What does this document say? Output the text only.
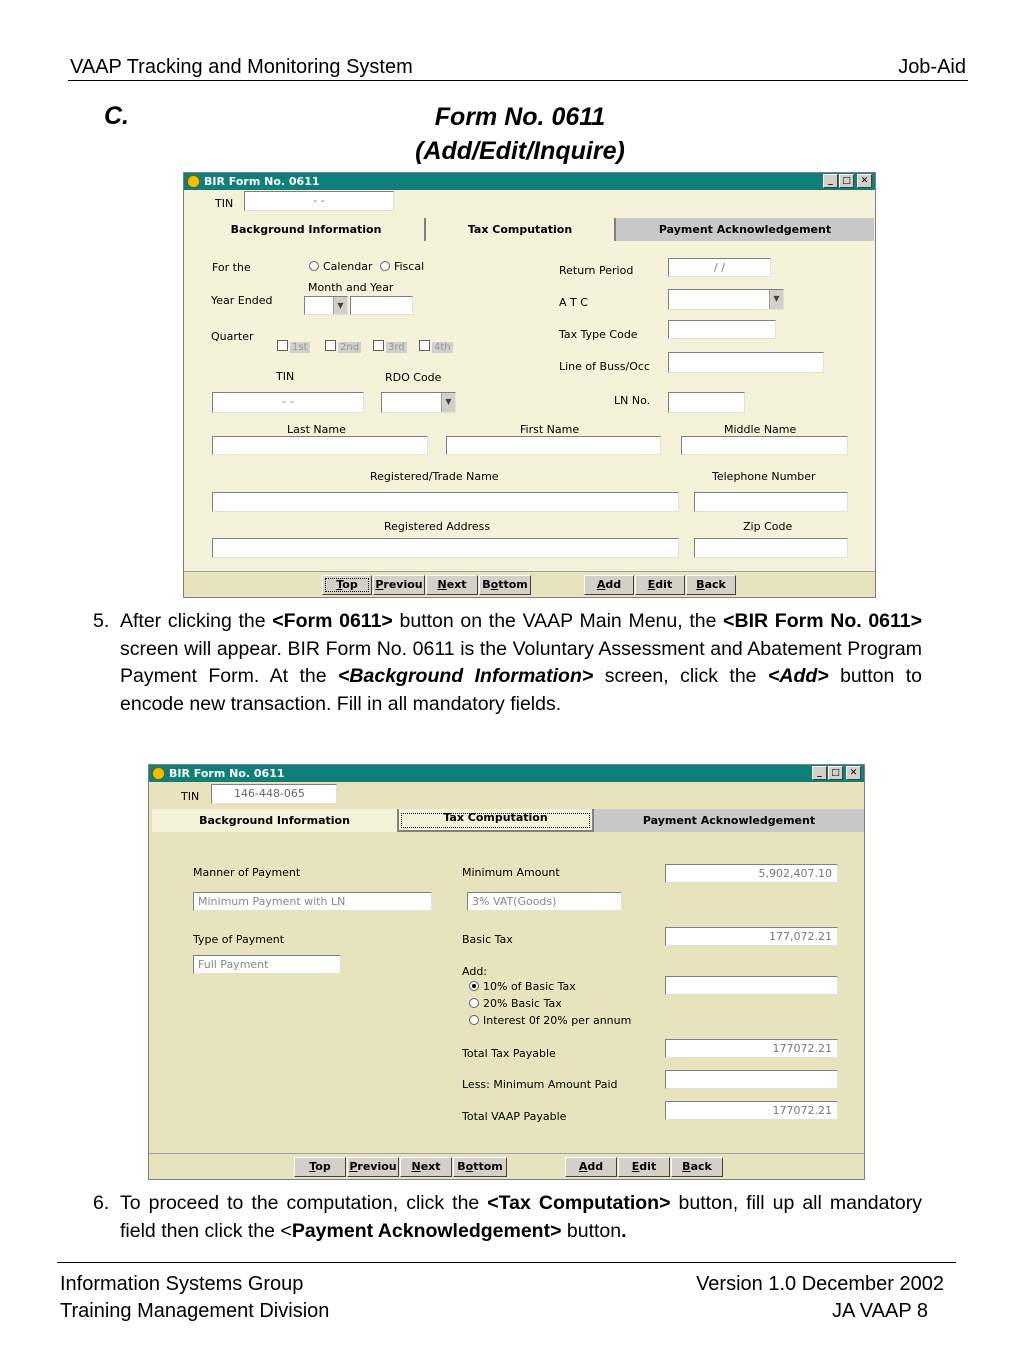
VAAP Tracking and Monitoring System	Job-Aid
C.	Form No. 0611
(Add/Edit/Inquire)
BIR Form No. 0611	_	□	✕
TIN	- -
Background Information	Tax Computation	Payment Acknowledgement
For the	Calendar Fiscal
Month and Year
Year Ended	▼
Quarter
1st	2nd	3rd	4th
TIN	RDO Code
- -	▼
Return Period	/ /
A T C	▼
Tax Type Code
Line of Buss/Occ
LN No.
Last Name	First Name	Middle Name
Registered/Trade Name	Telephone Number
Registered Address	Zip Code
Top	Previou	Next	Bottom	Add	Edit	Back
5. After clicking the <Form 0611> button on the VAAP Main Menu, the <BIR Form No. 0611> screen will appear. BIR Form No. 0611 is the Voluntary Assessment and Abatement Program Payment Form. At the <Background Information> screen, click the <Add> button to encode new transaction. Fill in all mandatory fields.
BIR Form No. 0611	_	□	✕
TIN	146-448-065
Background Information	Tax Computation	Payment Acknowledgement
Manner of Payment
Minimum Payment with LN
Type of Payment
Full Payment
Minimum Amount	5,902,407.10
3% VAT(Goods)
Basic Tax	177,072.21
Add:
10% of Basic Tax
20% Basic Tax
Interest 0f 20% per annum
Total Tax Payable	177072.21
Less: Minimum Amount Paid
Total VAAP Payable	177072.21
Top	Previou	Next	Bottom	Add	Edit	Back
6. To proceed to the computation, click the <Tax Computation> button, fill up all mandatory field then click the <Payment Acknowledgement> button.
Information Systems Group
Training Management Division
Version 1.0 December 2002
JA VAAP 8
